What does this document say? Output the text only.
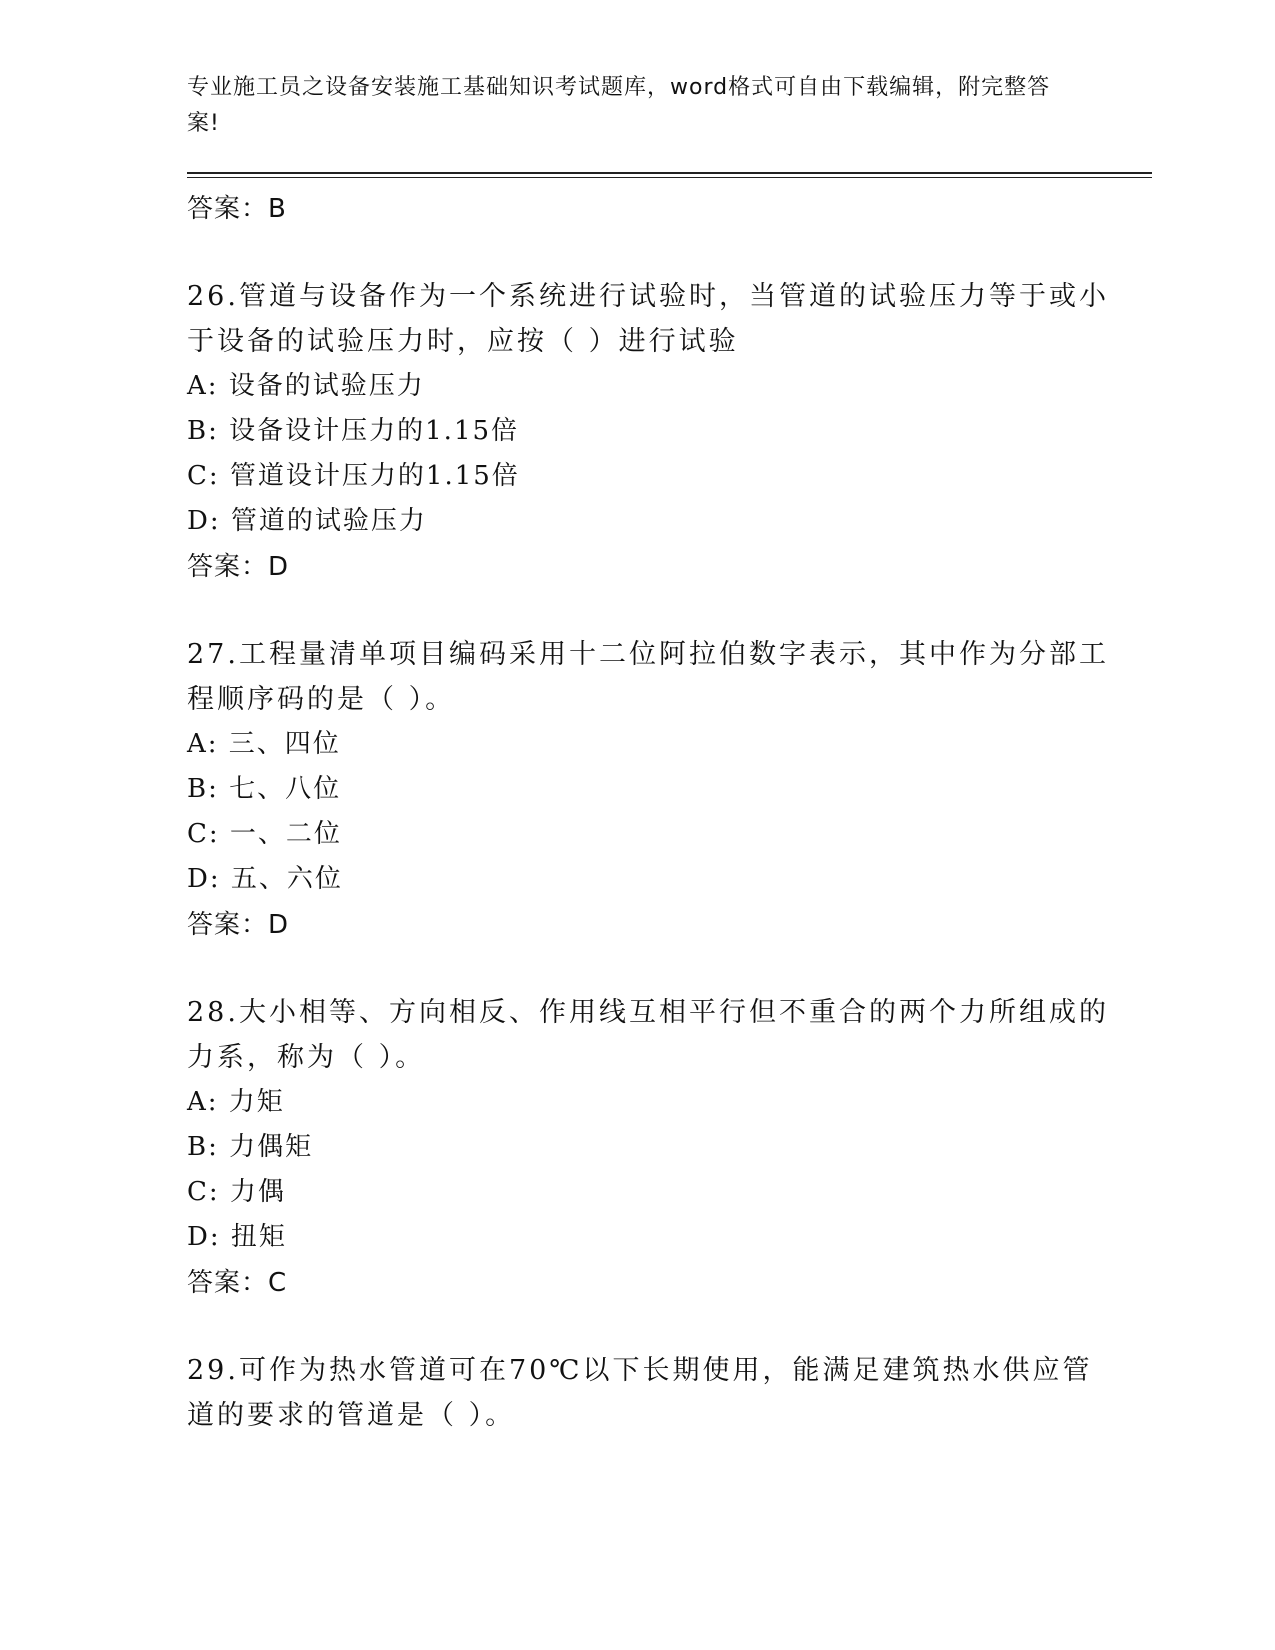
专业施工员之设备安装施工基础知识考试题库，word格式可自由下载编辑，附完整答案!
答案：B
26.管道与设备作为一个系统进行试验时，当管道的试验压力等于或小于设备的试验压力时，应按（ ）进行试验
A: 设备的试验压力
B: 设备设计压力的1.15倍
C: 管道设计压力的1.15倍
D: 管道的试验压力
答案：D
27.工程量清单项目编码采用十二位阿拉伯数字表示，其中作为分部工程顺序码的是（ ）。
A: 三、四位
B: 七、八位
C: 一、二位
D: 五、六位
答案：D
28.大小相等、方向相反、作用线互相平行但不重合的两个力所组成的力系，称为（ ）。
A: 力矩
B: 力偶矩
C: 力偶
D: 扭矩
答案：C
29.可作为热水管道可在70℃以下长期使用，能满足建筑热水供应管道的要求的管道是（ ）。
